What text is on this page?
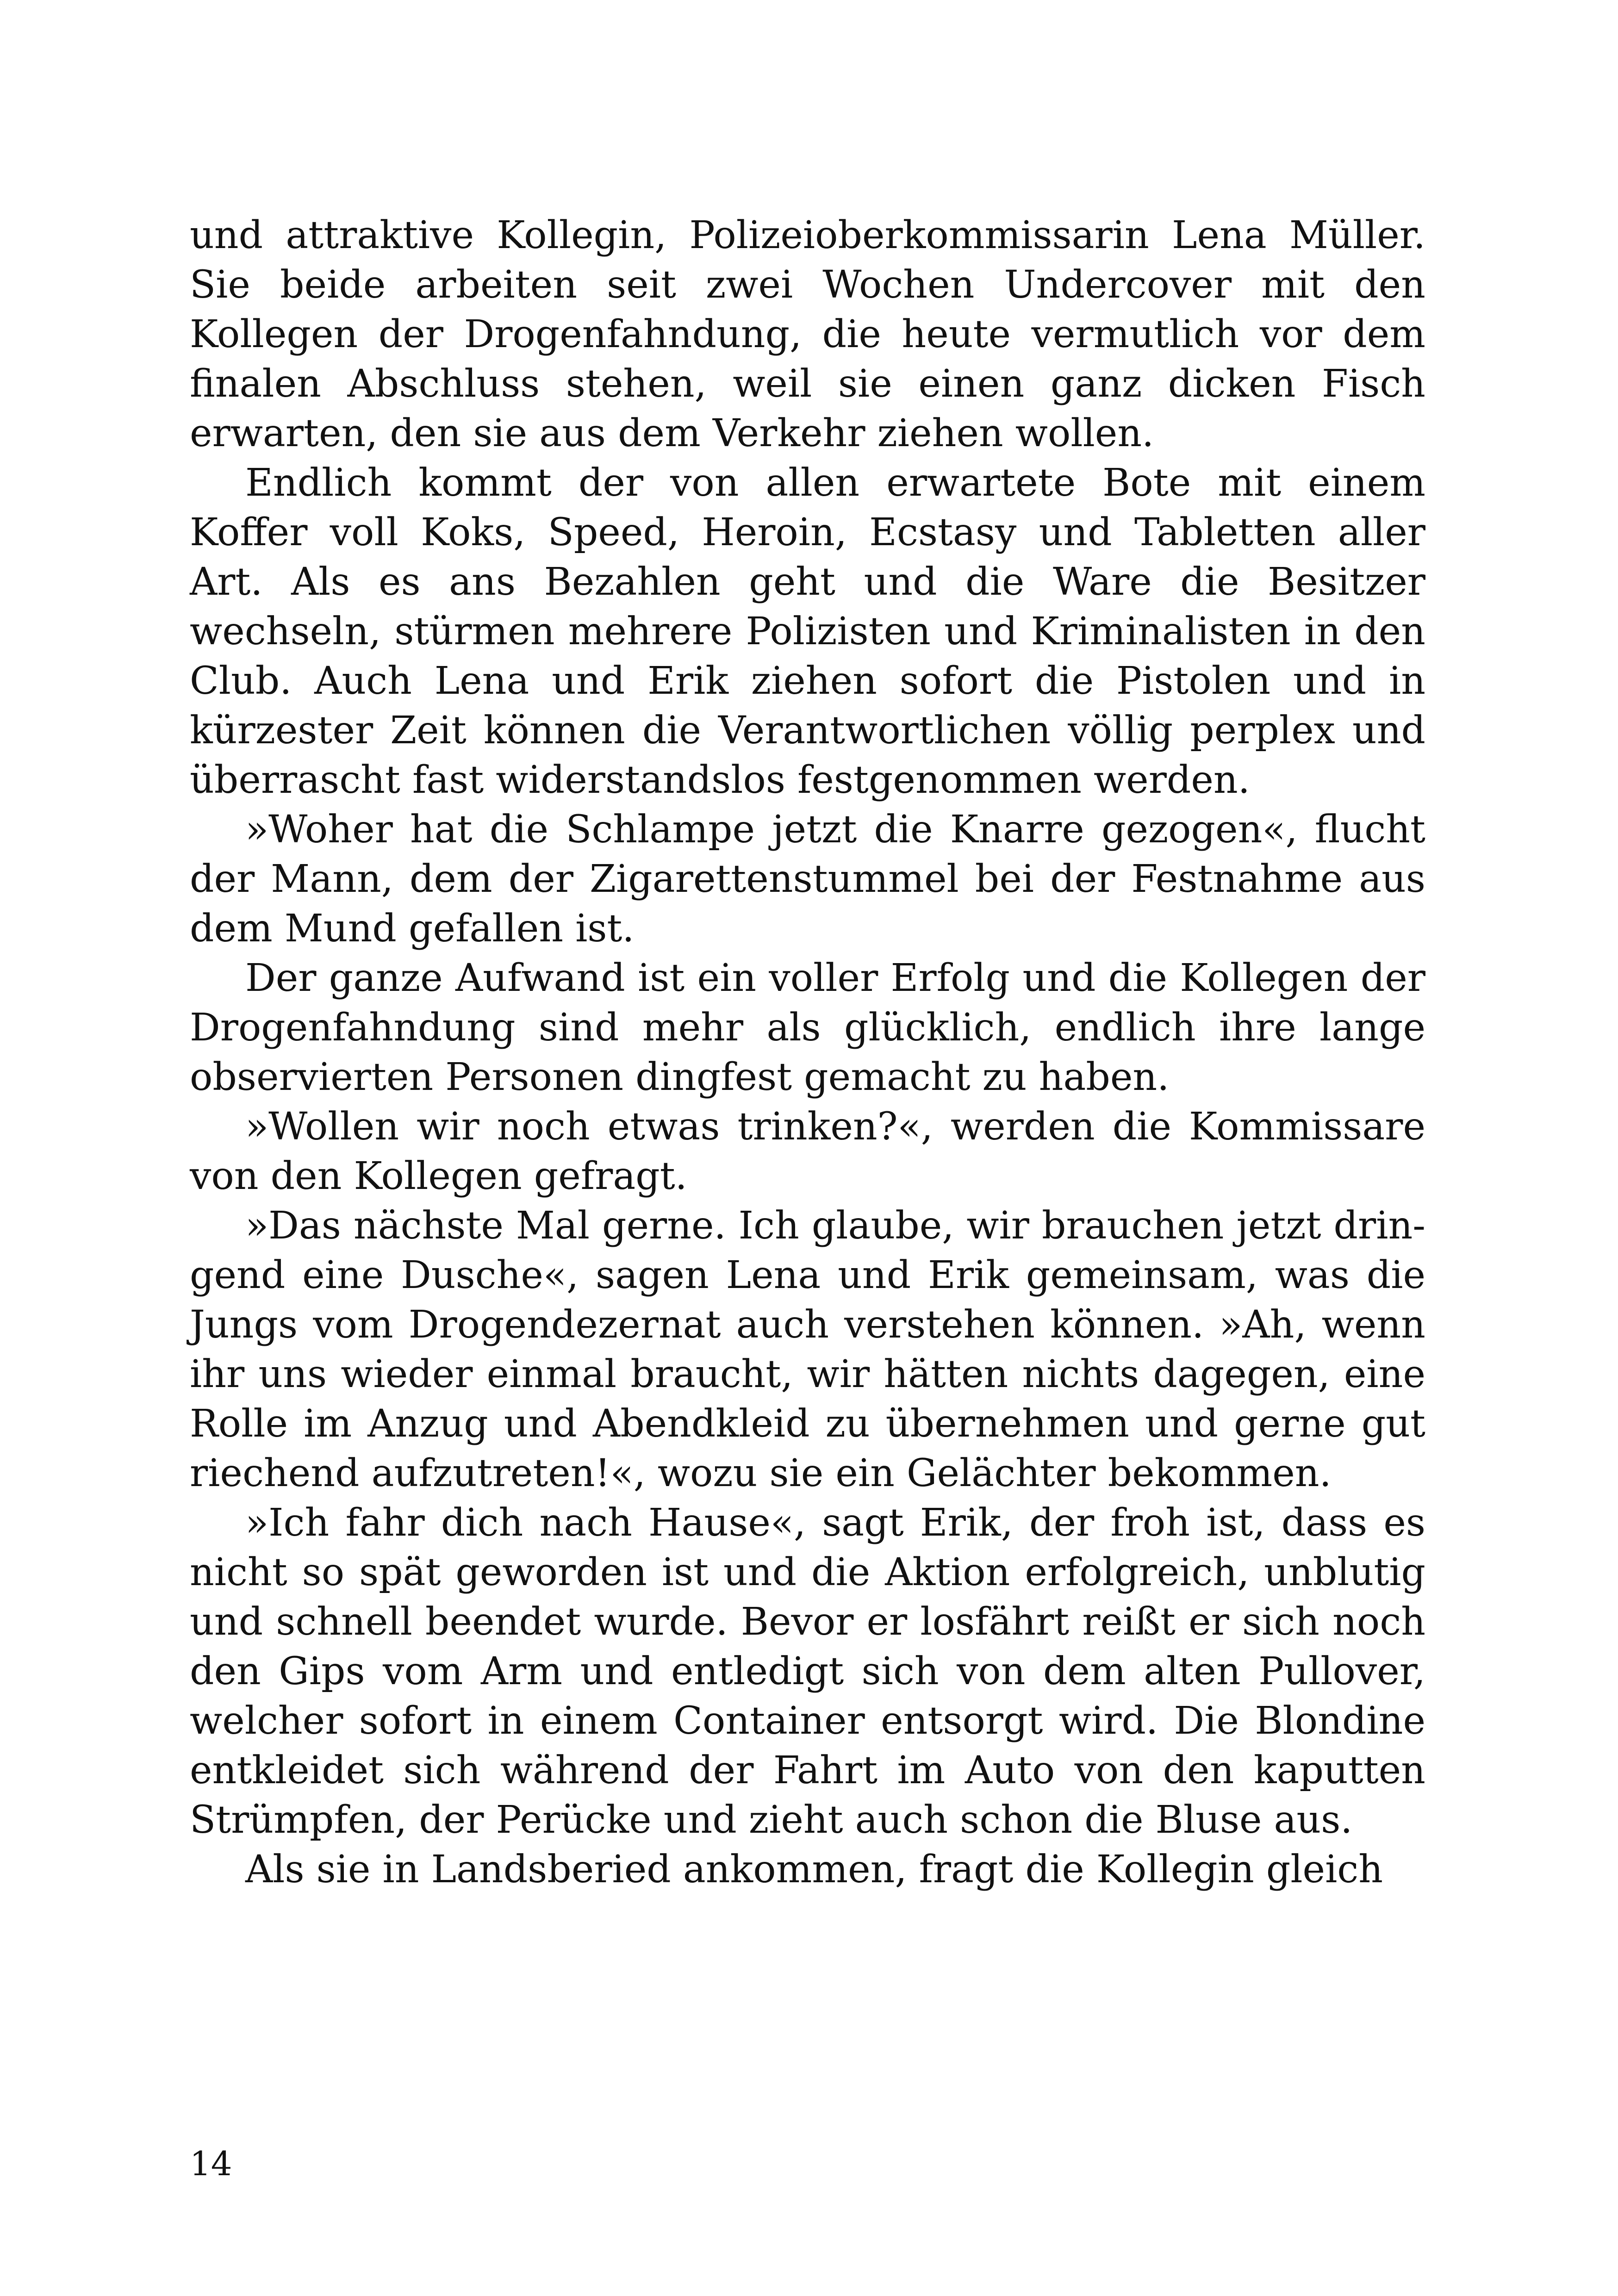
und attraktive Kollegin, Polizeioberkommissarin Lena Müller. Sie beide arbeiten seit zwei Wochen Undercover mit den Kollegen der Drogenfahndung, die heute vermutlich vor dem finalen Abschluss stehen, weil sie einen ganz dicken Fisch erwarten, den sie aus dem Verkehr ziehen wollen.

Endlich kommt der von allen erwartete Bote mit einem Koffer voll Koks, Speed, Heroin, Ecstasy und Tabletten aller Art. Als es ans Bezahlen geht und die Ware die Besitzer wechseln, stürmen mehrere Polizisten und Kriminalisten in den Club. Auch Lena und Erik ziehen sofort die Pistolen und in kürzester Zeit können die Verantwortlichen völlig perplex und überrascht fast widerstandslos festgenommen werden.

»Woher hat die Schlampe jetzt die Knarre gezogen«, flucht der Mann, dem der Zigarettenstummel bei der Festnahme aus dem Mund gefallen ist.

Der ganze Aufwand ist ein voller Erfolg und die Kollegen der Drogenfahndung sind mehr als glücklich, endlich ihre lange observierten Personen dingfest gemacht zu haben.

»Wollen wir noch etwas trinken?«, werden die Kommissare von den Kollegen gefragt.

»Das nächste Mal gerne. Ich glaube, wir brauchen jetzt dringend eine Dusche«, sagen Lena und Erik gemeinsam, was die Jungs vom Drogendezernat auch verstehen können. »Ah, wenn ihr uns wieder einmal braucht, wir hätten nichts dagegen, eine Rolle im Anzug und Abendkleid zu übernehmen und gerne gut riechend aufzutreten!«, wozu sie ein Gelächter bekommen.

»Ich fahr dich nach Hause«, sagt Erik, der froh ist, dass es nicht so spät geworden ist und die Aktion erfolgreich, unblutig und schnell beendet wurde. Bevor er losfährt reißt er sich noch den Gips vom Arm und entledigt sich von dem alten Pullover, welcher sofort in einem Container entsorgt wird. Die Blondine entkleidet sich während der Fahrt im Auto von den kaputten Strümpfen, der Perücke und zieht auch schon die Bluse aus.

Als sie in Landsberied ankommen, fragt die Kollegin gleich

14
